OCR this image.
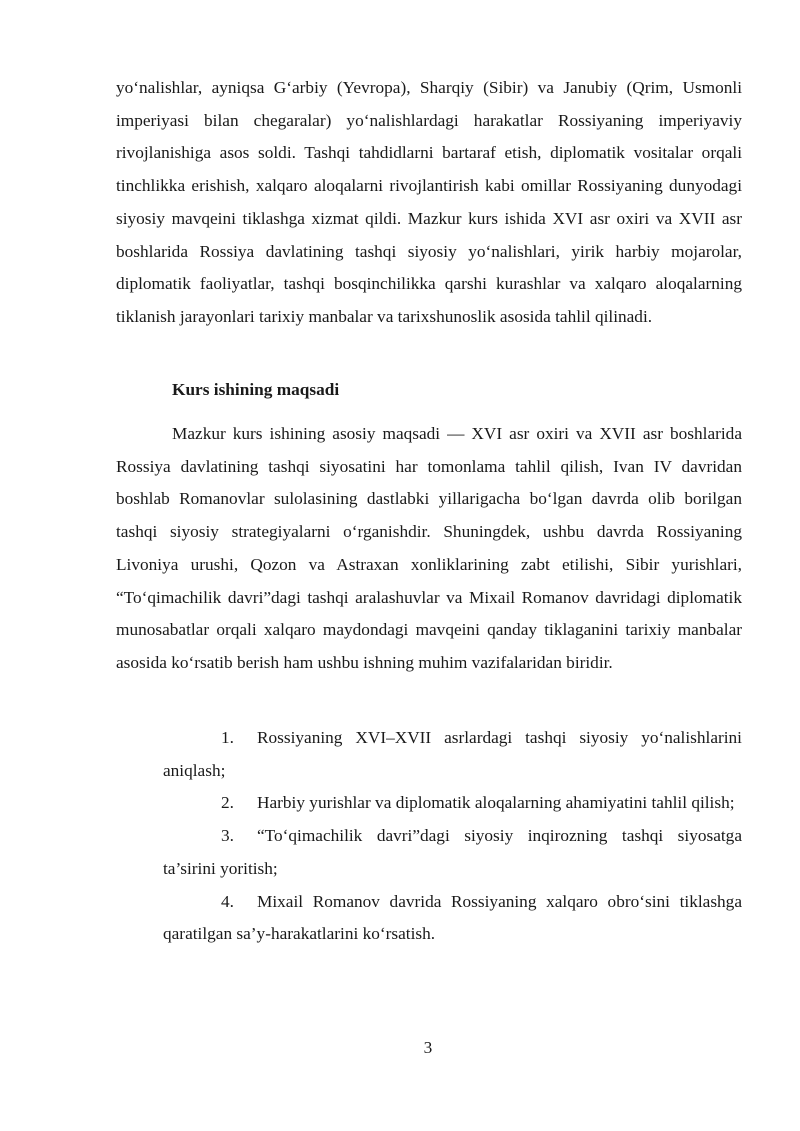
yo‘nalishlar, ayniqsa G‘arbiy (Yevropa), Sharqiy (Sibir) va Janubiy (Qrim, Usmonli imperiyasi bilan chegaralar) yo‘nalishlardagi harakatlar Rossiyaning imperiyaviy rivojlanishiga asos soldi. Tashqi tahdidlarni bartaraf etish, diplomatik vositalar orqali tinchlikka erishish, xalqaro aloqalarni rivojlantirish kabi omillar Rossiyaning dunyodagi siyosiy mavqeini tiklashga xizmat qildi. Mazkur kurs ishida XVI asr oxiri va XVII asr boshlarida Rossiya davlatining tashqi siyosiy yo‘nalishlari, yirik harbiy mojarolar, diplomatik faoliyatlar, tashqi bosqinchilikka qarshi kurashlar va xalqaro aloqalarning tiklanish jarayonlari tarixiy manbalar va tarixshunoslik asosida tahlil qilinadi.

Kurs ishining maqsadi

Mazkur kurs ishining asosiy maqsadi — XVI asr oxiri va XVII asr boshlarida Rossiya davlatining tashqi siyosatini har tomonlama tahlil qilish, Ivan IV davridan boshlab Romanovlar sulolasining dastlabki yillarigacha bo‘lgan davrda olib borilgan tashqi siyosiy strategiyalarni o‘rganishdir. Shuningdek, ushbu davrda Rossiyaning Livoniya urushi, Qozon va Astraxan xonliklarining zabt etilishi, Sibir yurishlari, “To‘qimachilik davri”dagi tashqi aralashuvlar va Mixail Romanov davridagi diplomatik munosabatlar orqali xalqaro maydondagi mavqeini qanday tiklaganini tarixiy manbalar asosida ko‘rsatib berish ham ushbu ishning muhim vazifalaridan biridir.

1. Rossiyaning XVI–XVII asrlardagi tashqi siyosiy yo‘nalishlarini aniqlash;
2. Harbiy yurishlar va diplomatik aloqalarning ahamiyatini tahlil qilish;
3. “To‘qimachilik davri”dagi siyosiy inqirozning tashqi siyosatga ta’sirini yoritish;
4. Mixail Romanov davrida Rossiyaning xalqaro obro‘sini tiklashga qaratilgan sa’y-harakatlarini ko‘rsatish.

3
